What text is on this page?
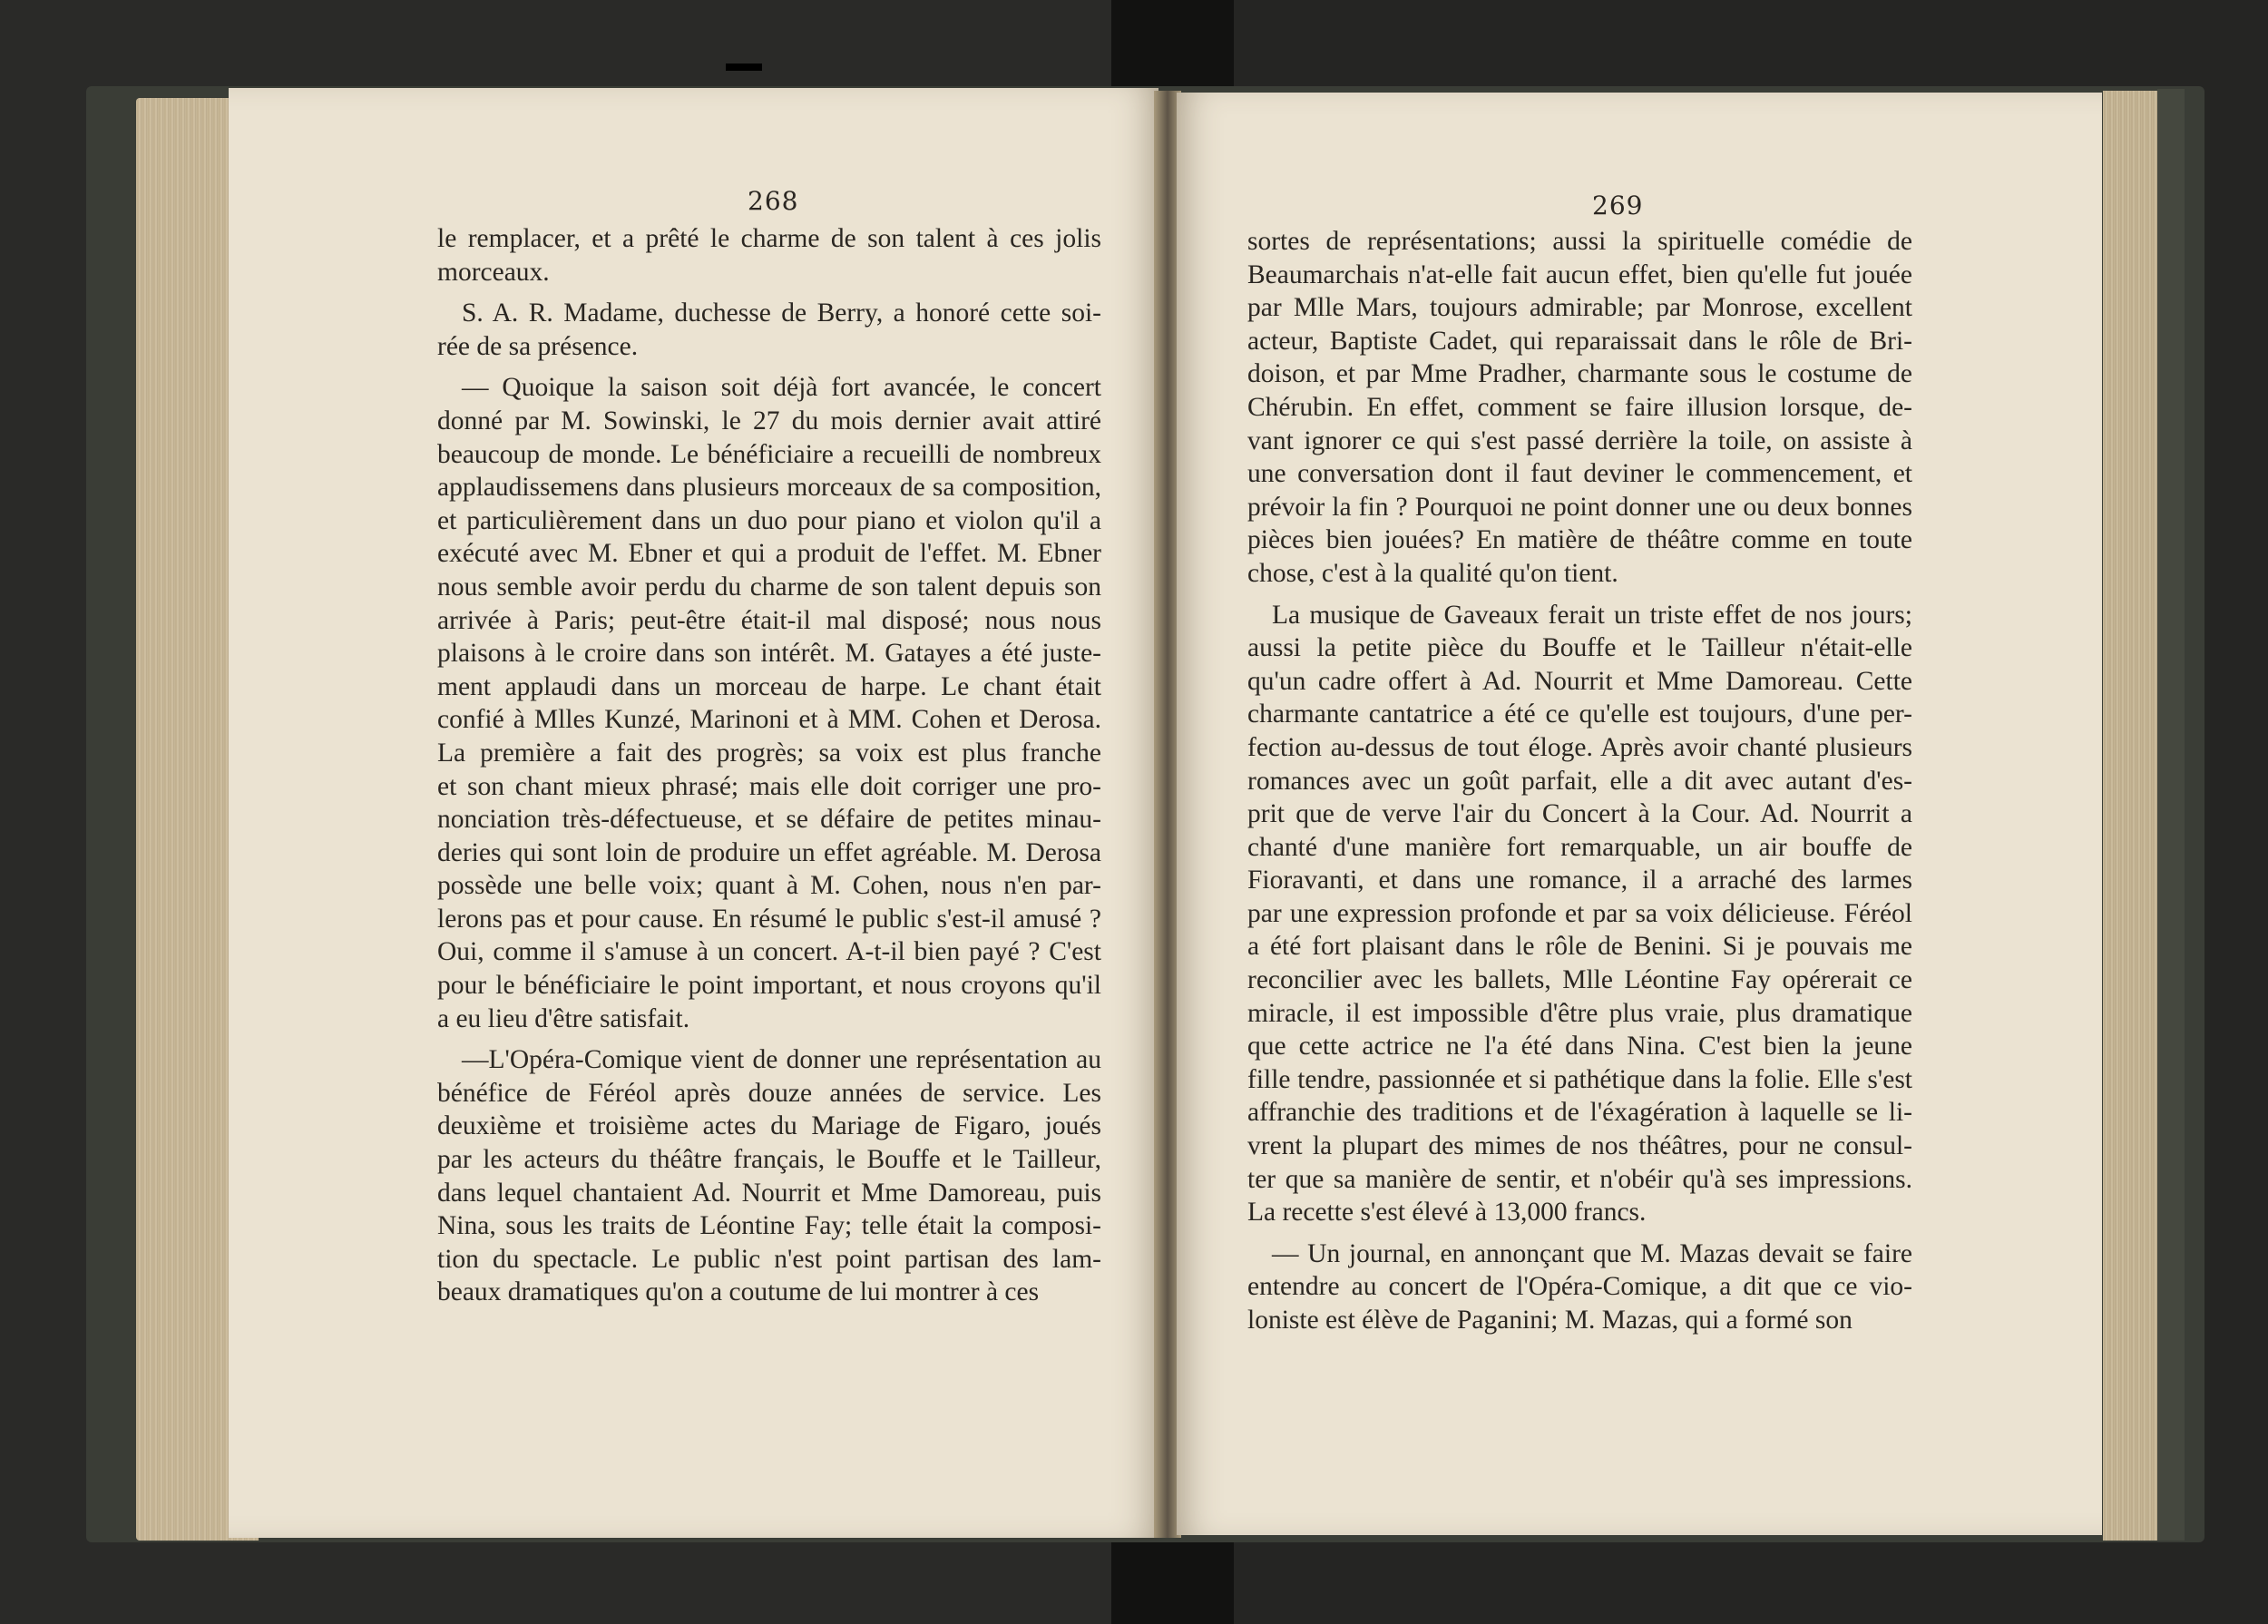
268
le remplacer, et a prêté le charme de son talent à ces jolis
morceaux.
S. A. R. Madame, duchesse de Berry, a honoré cette soi-
rée de sa présence.
— Quoique la saison soit déjà fort avancée, le concert
donné par M. Sowinski, le 27 du mois dernier avait attiré
beaucoup de monde. Le bénéficiaire a recueilli de nombreux
applaudissemens dans plusieurs morceaux de sa composition,
et particulièrement dans un duo pour piano et violon qu'il a
exécuté avec M. Ebner et qui a produit de l'effet. M. Ebner
nous semble avoir perdu du charme de son talent depuis son
arrivée à Paris; peut-être était-il mal disposé; nous nous
plaisons à le croire dans son intérêt. M. Gatayes a été juste-
ment applaudi dans un morceau de harpe. Le chant était
confié à Mlles Kunzé, Marinoni et à MM. Cohen et Derosa.
La première a fait des progrès; sa voix est plus franche
et son chant mieux phrasé; mais elle doit corriger une pro-
nonciation très-défectueuse, et se défaire de petites minau-
deries qui sont loin de produire un effet agréable. M. Derosa
possède une belle voix; quant à M. Cohen, nous n'en par-
lerons pas et pour cause. En résumé le public s'est-il amusé ?
Oui, comme il s'amuse à un concert. A-t-il bien payé ? C'est
pour le bénéficiaire le point important, et nous croyons qu'il
a eu lieu d'être satisfait.
—L'Opéra-Comique vient de donner une représentation au
bénéfice de Féréol après douze années de service. Les
deuxième et troisième actes du Mariage de Figaro, joués
par les acteurs du théâtre français, le Bouffe et le Tailleur,
dans lequel chantaient Ad. Nourrit et Mme Damoreau, puis
Nina, sous les traits de Léontine Fay; telle était la composi-
tion du spectacle. Le public n'est point partisan des lam-
beaux dramatiques qu'on a coutume de lui montrer à ces
269
sortes de représentations; aussi la spirituelle comédie de
Beaumarchais n'at-elle fait aucun effet, bien qu'elle fut jouée
par Mlle Mars, toujours admirable; par Monrose, excellent
acteur, Baptiste Cadet, qui reparaissait dans le rôle de Bri-
doison, et par Mme Pradher, charmante sous le costume de
Chérubin. En effet, comment se faire illusion lorsque, de-
vant ignorer ce qui s'est passé derrière la toile, on assiste à
une conversation dont il faut deviner le commencement, et
prévoir la fin ? Pourquoi ne point donner une ou deux bonnes
pièces bien jouées? En matière de théâtre comme en toute
chose, c'est à la qualité qu'on tient.
La musique de Gaveaux ferait un triste effet de nos jours;
aussi la petite pièce du Bouffe et le Tailleur n'était-elle
qu'un cadre offert à Ad. Nourrit et Mme Damoreau. Cette
charmante cantatrice a été ce qu'elle est toujours, d'une per-
fection au-dessus de tout éloge. Après avoir chanté plusieurs
romances avec un goût parfait, elle a dit avec autant d'es-
prit que de verve l'air du Concert à la Cour. Ad. Nourrit a
chanté d'une manière fort remarquable, un air bouffe de
Fioravanti, et dans une romance, il a arraché des larmes
par une expression profonde et par sa voix délicieuse. Féréol
a été fort plaisant dans le rôle de Benini. Si je pouvais me
reconcilier avec les ballets, Mlle Léontine Fay opérerait ce
miracle, il est impossible d'être plus vraie, plus dramatique
que cette actrice ne l'a été dans Nina. C'est bien la jeune
fille tendre, passionnée et si pathétique dans la folie. Elle s'est
affranchie des traditions et de l'éxagération à laquelle se li-
vrent la plupart des mimes de nos théâtres, pour ne consul-
ter que sa manière de sentir, et n'obéir qu'à ses impressions.
La recette s'est élevé à 13,000 francs.
— Un journal, en annonçant que M. Mazas devait se faire
entendre au concert de l'Opéra-Comique, a dit que ce vio-
loniste est élève de Paganini; M. Mazas, qui a formé son
